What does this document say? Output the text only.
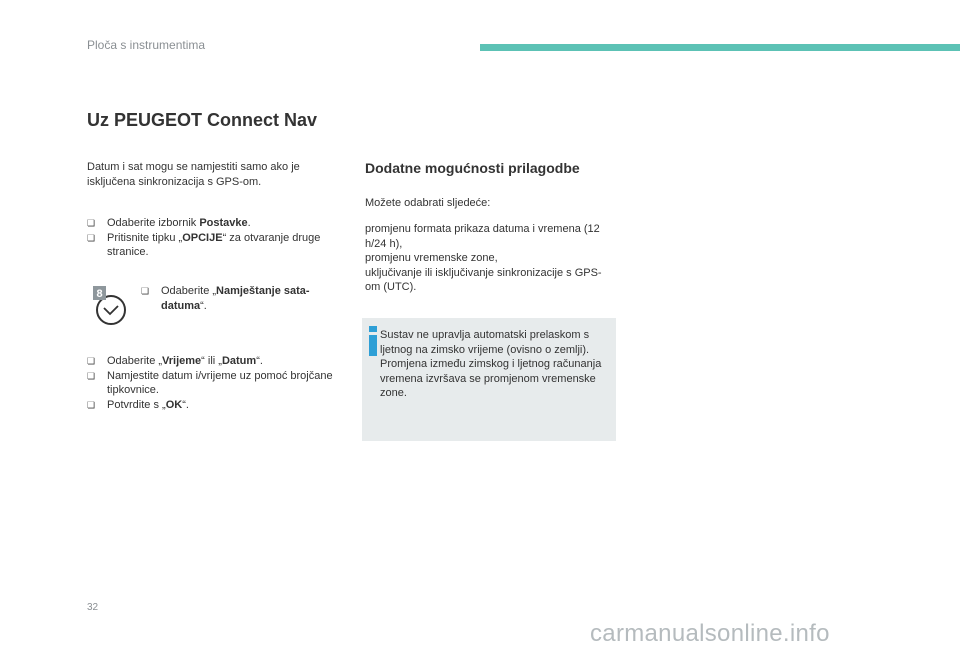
Ploča s instrumentima
Uz PEUGEOT Connect Nav
Datum i sat mogu se namjestiti samo ako je isključena sinkronizacija s GPS-om.
❏ Odaberite izbornik Postavke.
❏ Pritisnite tipku „OPCIJE“ za otvaranje druge stranice.
8	❏ Odaberite „Namještanje sata-datuma“.
❏ Odaberite „Vrijeme“ ili „Datum“.
❏ Namjestite datum i/vrijeme uz pomoć brojčane tipkovnice.
❏ Potvrdite s „OK“.
Dodatne mogućnosti prilagodbe
Možete odabrati sljedeće:
promjenu formata prikaza datuma i vremena (12 h/24 h),
promjenu vremenske zone,
uključivanje ili isključivanje sinkronizacije s GPS-om (UTC).
Sustav ne upravlja automatski prelaskom s ljetnog na zimsko vrijeme (ovisno o zemlji).
Promjena između zimskog i ljetnog računanja vremena izvršava se promjenom vremenske zone.
32
carmanualsonline.info
